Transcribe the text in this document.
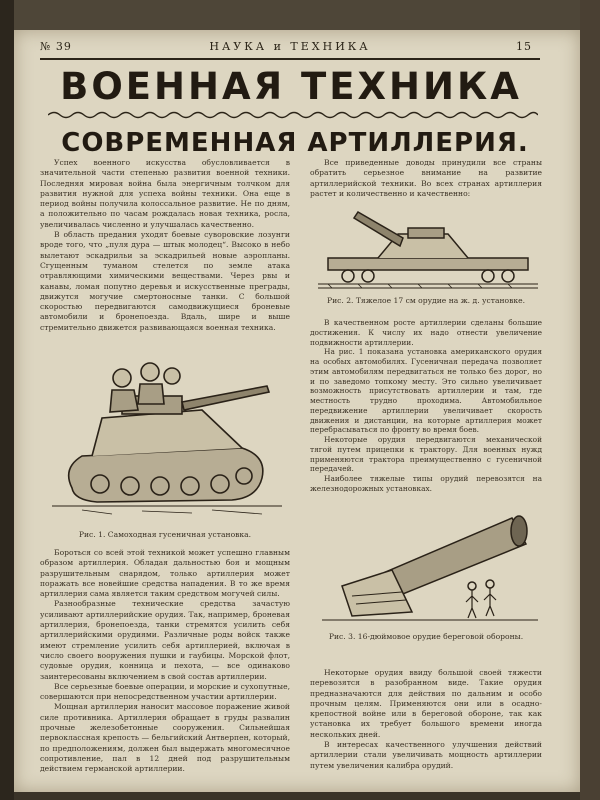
№ 39	НАУКА и ТЕХНИКА	15
ВОЕННАЯ ТЕХНИКА
СОВРЕМЕННАЯ АРТИЛЛЕРИЯ.

Успех военного искусства обусловливается в значительной части степенью развития военной техники. Последняя мировая война была энергичным толчком для развития нужной для успеха войны техники. Она еще в период войны получила колоссальное развитие. Не по дням, а положительно по часам рождалась новая техника, росла, увеличивалась численно и улучшалась качественно.

В область предания уходят боевые суворовские лозунги вроде того, что „пуля дура — штык молодец“. Высоко в небо вылетают эскадрильи за эскадрильей новые аэропланы. Сгущенным туманом стелется по земле атака отравляющими химическими веществами. Через рвы и канавы, ломая попутно деревья и искусственные преграды, движутся могучие смертоносные танки. С большой скоростью передвигаются самодвижущиеся броневые автомобили и бронепоезда. Вдаль, шире и выше стремительно движется развивающаяся военная техника.

Рис. 1. Самоходная гусеничная установка.

Бороться со всей этой техникой может успешно главным образом артиллерия. Обладая дальностью боя и мощным разрушительным снарядом, только артиллерия может поражать все новейшие средства нападения. В то же время артиллерия сама является таким средством могучей силы.

Разнообразные технические средства зачастую усиливают артиллерийские орудия. Так, например, броневая артиллерия, бронепоезда, танки стремятся усилить себя артиллерийскими орудиями. Различные роды войск также имеют стремление усилить себя артиллерией, включая в число своего вооружения пушки и гаубицы. Морской флот, судовые орудия, конница и пехота, — все одинаково заинтересованы включением в свой состав артиллерии.

Все серьезные боевые операции, и морские и сухопутные, совершаются при непосредственном участии артиллерии.

Мощная артиллерия наносит массовое поражение живой силе противника. Артиллерия обращает в груды развалин прочные железобетонные сооружения. Сильнейшая первоклассная крепость — бельгийский Антверпен, который, по предположениям, должен был выдержать многомесячное сопротивление, пал в 12 дней под разрушительным действием германской артиллерии.

Все приведенные доводы принудили все страны обратить серьезное внимание на развитие артиллерийской техники. Во всех странах артиллерия растет и количественно и качественно:

Рис. 2. Тяжелое 17 см орудие на ж. д. установке.

В качественном росте артиллерии сделаны большие достижения. К числу их надо отнести увеличение подвижности артиллерии.

На рис. 1 показана установка американского орудия на особых автомобилях. Гусеничная передача позволяет этим автомобилям передвигаться не только без дорог, но и по заведомо топкому месту. Это сильно увеличивает возможность присутствовать артиллерии и там, где местность трудно проходима. Автомобильное передвижение артиллерии увеличивает скорость движения и дистанции, на которые артиллерия может перебрасываться по фронту во время боев.

Некоторые орудия передвигаются механической тягой путем прицепки к трактору. Для военных нужд применяются трактора преимущественно с гусеничной передачей.

Наиболее тяжелые типы орудий перевозятся на железнодорожных установках.

Рис. 3. 16-дюймовое орудие береговой обороны.

Некоторые орудия ввиду большой своей тяжести перевозятся в разобранном виде. Такие орудия предназначаются для действия по дальним и особо прочным целям. Применяются они или в осадно-крепостной войне или в береговой обороне, так как установка их требует большого времени иногда нескольких дней.

В интересах качественного улучшения действий артиллерии стали увеличивать мощность артиллерии путем увеличения калибра орудий.
